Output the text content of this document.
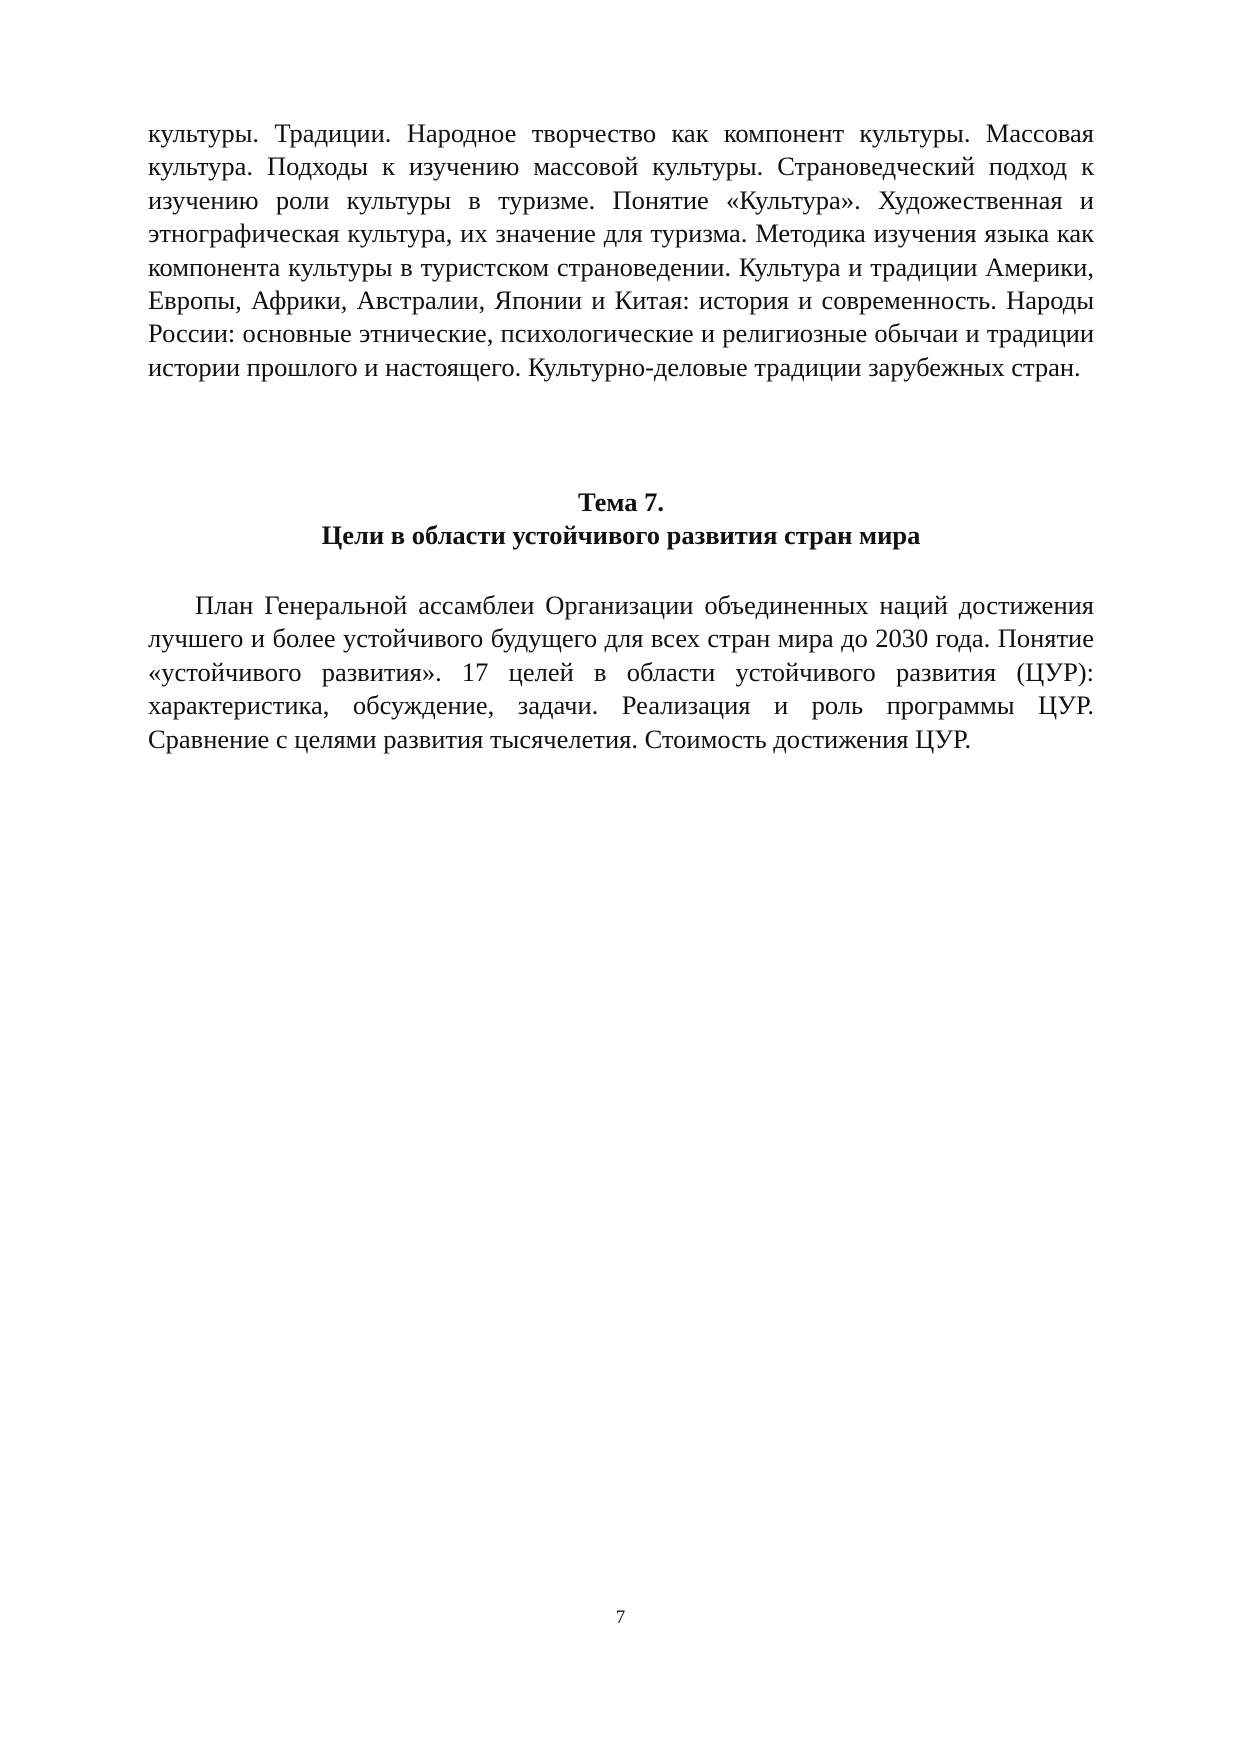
культуры. Традиции. Народное творчество как компонент культуры. Массовая культура. Подходы к изучению массовой культуры. Страноведческий подход к изучению роли культуры в туризме. Понятие «Культура». Художественная и этнографическая культура, их значение для туризма. Методика изучения языка как компонента культуры в туристском страноведении. Культура и традиции Америки, Европы, Африки, Австралии, Японии и Китая: история и современность. Народы России: основные этнические, психологические и религиозные обычаи и традиции истории прошлого и настоящего. Культурно-деловые традиции зарубежных стран.

Тема 7.

Цели в области устойчивого развития стран мира

План Генеральной ассамблеи Организации объединенных наций достижения лучшего и более устойчивого будущего для всех стран мира до 2030 года. Понятие «устойчивого развития». 17 целей в области устойчивого развития (ЦУР): характеристика, обсуждение, задачи. Реализация и роль программы ЦУР. Сравнение с целями развития тысячелетия. Стоимость достижения ЦУР.

7
